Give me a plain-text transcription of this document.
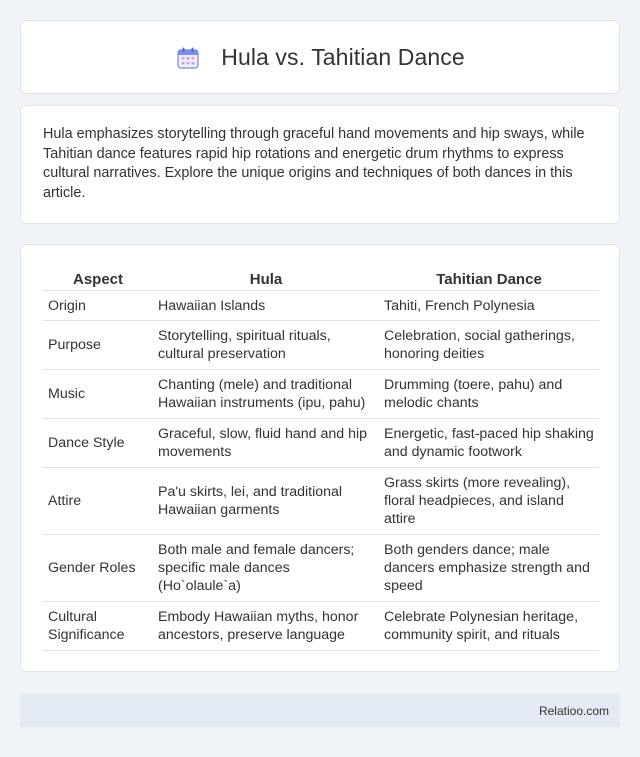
Hula vs. Tahitian Dance

Hula emphasizes storytelling through graceful hand movements and hip sways, while Tahitian dance features rapid hip rotations and energetic drum rhythms to express cultural narratives. Explore the unique origins and techniques of both dances in this article.

Aspect	Hula	Tahitian Dance
Origin	Hawaiian Islands	Tahiti, French Polynesia
Purpose	Storytelling, spiritual rituals, cultural preservation	Celebration, social gatherings, honoring deities
Music	Chanting (mele) and traditional Hawaiian instruments (ipu, pahu)	Drumming (toere, pahu) and melodic chants
Dance Style	Graceful, slow, fluid hand and hip movements	Energetic, fast-paced hip shaking and dynamic footwork
Attire	Pa'u skirts, lei, and traditional Hawaiian garments	Grass skirts (more revealing), floral headpieces, and island attire
Gender Roles	Both male and female dancers; specific male dances (Ho`olaule`a)	Both genders dance; male dancers emphasize strength and speed
Cultural Significance	Embody Hawaiian myths, honor ancestors, preserve language	Celebrate Polynesian heritage, community spirit, and rituals
Relatioo.com
